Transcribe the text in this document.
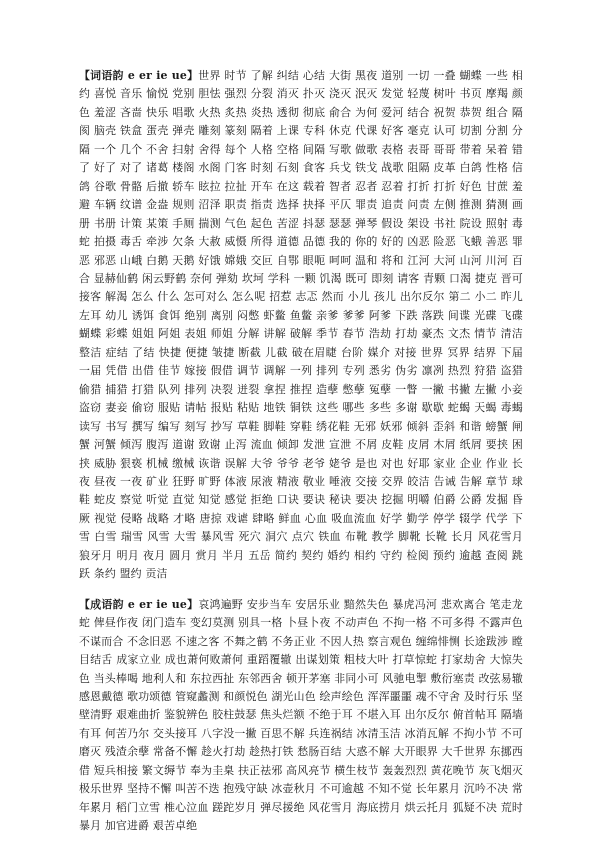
【词语韵 e er ie ue】世界 时节 了解 纠结 心结 大街 黑夜 道别 一切 一叠 蝴蝶 一些 相约 喜悦 音乐 愉悦 党别 胆怯 强烈 分裂 消灭 扑灭 浇灭 泯灭 发觉 轻蔑 树叶 书页 摩羯 颜色 羞涩 吝啬 快乐 唱歌 火热 炙热 炎热 透彻 彻底 俞合 为何 爱河 结合 祝贺 恭贺 组合 隔阂 脑壳 铁盒 蛋壳 弹壳 雕刻 篆刻 隔着 上课 专科 休克 代课 好客 毫克 认可 切割 分割 分隔 一个 几个 不舍 扫射 舍得 每个 人格 空格 间隔 写歌 做歌 表格 表哥 哥哥 带着 呆着 错了 好了 对了 诸葛 楼阁 水阁 门客 时刻 石刻 食客 兵戈 铁戈 战歌 阻隔 皮革 白鸽 性格 信鸽 谷歌 骨骼 后撤 轿车 眩拉 拉扯 开车 在这 载着 智者 忍者 忍着 打折 打折 好色 甘蔗 羞避 车辆 纹谱 金盎 规则 沼泽 职责 指责 选择 抉择 平仄 罪责 追责 问责 左侧 推测 猜测 画册 书册 计策 某策 手厕 揣测 气色 起色 苦涩 抖瑟 瑟瑟 弹琴 假设 架设 书社 院设 照射 毒蛇 拍摄 毒舌 牵涉 欠条 大赦 威慑 所得 道德 品德 我的 你的 好的 凶恶 险恶 飞蛾 善恶 罪恶 邪恶 山峨 白鹅 天鹅 好饿 嫦娥 交叵 自鄂 眼呃 呵呵 温和 将和 江河 大河 山河 川河 百合 显赫仙鹤 闲云野鹤 奈何 弹劾 坎坷 学科 一颗 饥渴 既可 即刻 请客 青颗 口渴 捷克 晋可 接客 解渴 怎么 什么 怎可对么 怎么呢 招惹 志忑 然而 小儿 孩儿 出尔反尔 第二 小二 昨儿 左耳 幼儿 诱饵 食饵 绝别 离别 闷憋 虾鳖 鱼鳖 亲爹 爹爹 阿爹 下跌 落跌 间谍 光碟 飞碟 蝴蝶 彩蝶 姐姐 阿姐 表姐 师姐 分解 讲解 破解 季节 春节 浩劫 打劫 豪杰 文杰 情节 清洁 整洁 症结 了结 快捷 便捷 皱捷 断截 儿截 破在眉睫 台阶 媒介 对接 世界 冥界 结界 下届 一届 凭借 出借 佳节 嫁接 假借 调节 调解 一列 排列 专列 悉劣 伪劣 凛冽 热烈 狩猎 盗猎 偷猎 捕猎 打猎 队列 排列 决裂 迸裂 拿捏 推捏 造孽 憋孽 冤孽 一瞥 一撇 书撇 左撇 小妾 盗窃 妻妾 偷窃 服贴 请帖 报贴 粘贴 地铁 铜铁 这些 哪些 多些 多谢 歇歇 蛇蝎 天蝎 毒蝎 读写 书写 撰写 编写 刻写 抄写 草鞋 脚鞋 穿鞋 绣花鞋 无邪 妖邪 倾斜 歪斜 和谐 螃蟹 闸蟹 河蟹 倾泻 腹泻 道谢 致谢 止泻 流血 倾卸 发泄 宣泄 不屑 皮鞋 皮屑 木屑 纸屑 要挟 困挟 威胁 狠亵 机械 缴械 诙谐 误解 大爷 爷爷 老爷 姥爷 是也 对也 好耶 家业 企业 作业 长夜 昼夜 一夜 矿业 狂野 旷野 体液 尿液 精液 敬业 唾液 交接 交界 皎洁 告诫 告解 章节 球鞋 蛇皮 察觉 听觉 直觉 知觉 感觉 拒绝 口诀 要诀 秘诀 要决 挖掘 明嚼 伯爵 公爵 发掘 昏厥 视觉 侵略 战略 才略 唐掠 戏谑 肆略 鲜血 心血 吸血流血 好学 勤学 停学 辍学 代学 下雪 白雪 瑞雪 风雪 大雪 暴风雪 死穴 洞穴 点穴 铁血 布靴 教学 脚靴 长靴 长月 风花雪月 狼牙月 明月 夜月 圆月 赏月 半月 五岳 简约 契约 婚约 相约 守约 检阅 预约 逾越 查阅 跳跃 条约 盟约 贡洁

【成语韵 e er ie ue】哀鸿遍野 安步当车 安居乐业 黯然失色 暴虎冯河 悲欢离合 笔走龙蛇 俾昼作夜 闭门造车 变幻莫测 别具一格 卜昼卜夜 不动声色 不拘一格 不可多得 不露声色 不谋而合 不念旧恶 不速之客 不舞之鹤 不务正业 不因人热 察言观色 缠绵悱恻 长途跋涉 瞠目结舌 成家立业 成也萧何败萧何 重蹈覆辙 出谋划策 粗枝大叶 打草惊蛇 打家劫舍 大惊失色 当头棒喝 地利人和 东拉西扯 东邻西舍 顿开茅塞 非同小可 风驰电掣 敷衍塞责 改弦易辙 感恩戴德 歌功颂德 管窥蠡测 和颜悦色 湖光山色 绘声绘色 浑浑噩噩 魂不守舍 及时行乐 坚壁清野 艰难曲折 鉴貌辨色 胶柱鼓瑟 焦头烂额 不绝于耳 不堪入耳 出尔反尔 俯首帖耳 隔墙有耳 何苦乃尔 交头接耳 八字没一撇 百思不解 兵连祸结 冰清玉洁 冰消瓦解 不拘小节 不可磨灭 残渣余孽 常备不懈 趁火打劫 趁热打铁 愁肠百结 大惑不解 大开眼界 大千世界 东挪西借 短兵相接 繁文缛节 奉为圭臬 扶正祛邪 高风亮节 横生枝节 轰轰烈烈 黄花晚节 灰飞烟灭 极乐世界 坚持不懈 叫苦不迭 抱残守缺 冰壶秋月 不可逾越 不知不觉 长年累月 沉吟不决 常年累月 稻门立雪 椎心泣血 蹉跎岁月 弹尽援绝 风花雪月 海底捞月 烘云托月 狐疑不决 荒时暴月 加官进爵 艰苦卓绝
